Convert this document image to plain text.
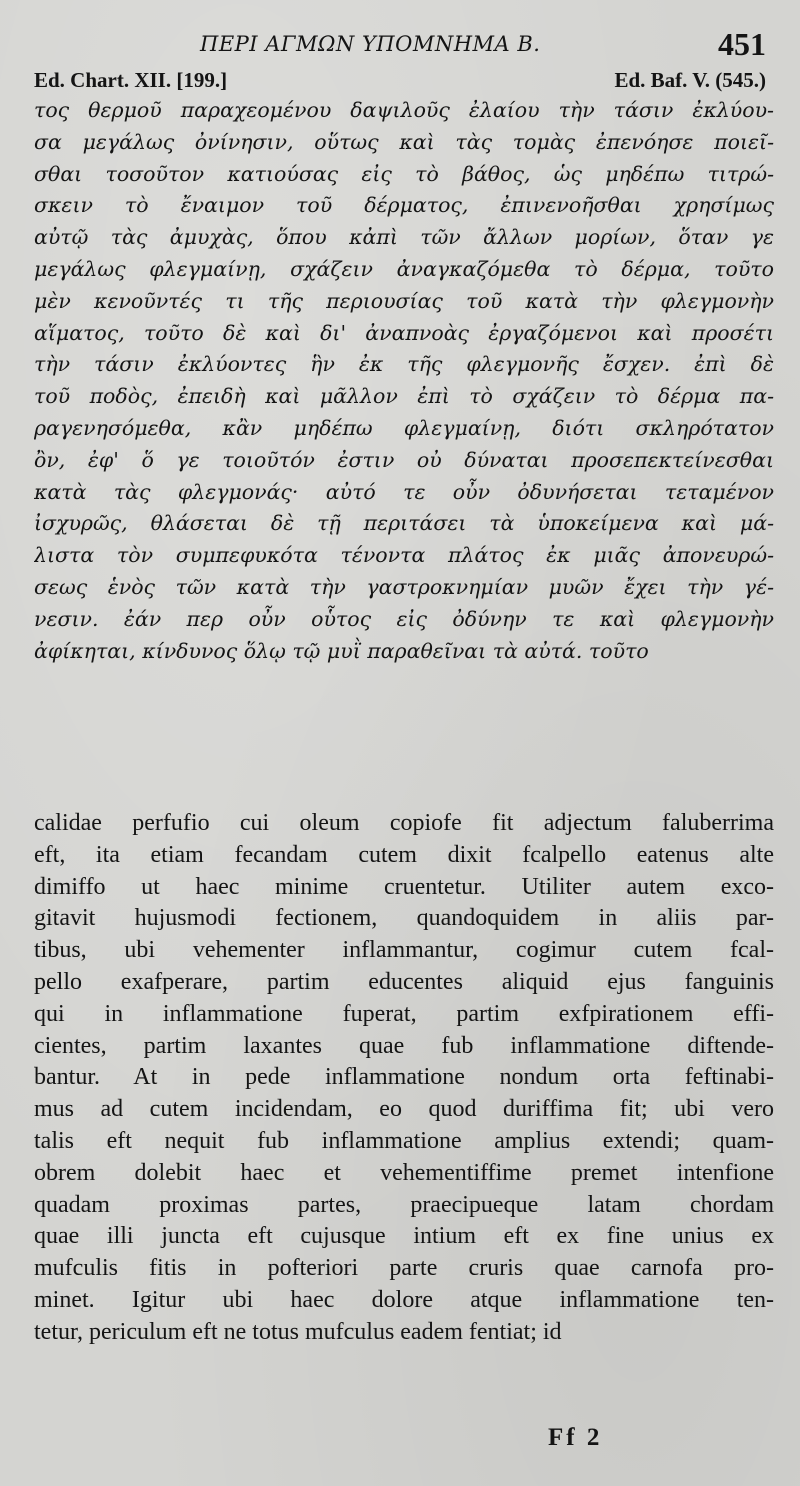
ΠΕΡΙ ΑΓΜΩΝ ΥΠΟΜΝΗΜΑ Β.	451
Ed. Chart. XII. [199.]	Ed. Baf. V. (545.)
τος θερμοῦ παραχεομένου δαψιλοῦς ἐλαίου τὴν τάσιν ἐκλύου-
σα μεγάλως ὀνίνησιν, οὕτως καὶ τὰς τομὰς ἐπενόησε ποιεῖ-
σθαι τοσοῦτον κατιούσας εἰς τὸ βάθος, ὡς μηδέπω τιτρώ-
σκειν τὸ ἔναιμον τοῦ δέρματος, ἐπινενοῆσθαι χρησίμως
αὐτῷ τὰς ἀμυχὰς, ὅπου κἀπὶ τῶν ἄλλων μορίων, ὅταν γε
μεγάλως φλεγμαίνῃ, σχάζειν ἀναγκαζόμεθα τὸ δέρμα, τοῦτο
μὲν κενοῦντές τι τῆς περιουσίας τοῦ κατὰ τὴν φλεγμονὴν
αἵματος, τοῦτο δὲ καὶ δι' ἀναπνοὰς ἐργαζόμενοι καὶ προσέτι
τὴν τάσιν ἐκλύοντες ἣν ἐκ τῆς φλεγμονῆς ἔσχεν. ἐπὶ δὲ
τοῦ ποδὸς, ἐπειδὴ καὶ μᾶλλον ἐπὶ τὸ σχάζειν τὸ δέρμα πα-
ραγενησόμεθα, κἂν μηδέπω φλεγμαίνῃ, διότι σκληρότατον
ὂν, ἐφ' ὅ γε τοιοῦτόν ἐστιν οὐ δύναται προσεπεκτείνεσθαι
κατὰ τὰς φλεγμονάς· αὐτό τε οὖν ὀδυνήσεται τεταμένον
ἰσχυρῶς, θλάσεται δὲ τῇ περιτάσει τὰ ὑποκείμενα καὶ μά-
λιστα τὸν συμπεφυκότα τένοντα πλάτος ἐκ μιᾶς ἀπονευρώ-
σεως ἑνὸς τῶν κατὰ τὴν γαστροκνημίαν μυῶν ἔχει τὴν γέ-
νεσιν. ἐάν περ οὖν οὗτος εἰς ὀδύνην τε καὶ φλεγμονὴν
ἀφίκηται, κίνδυνος ὅλῳ τῷ μυῒ παραθεῖναι τὰ αὐτά. τοῦτο
calidae perfufio cui oleum copiofe fit adjectum faluberrima
eft, ita etiam fecandam cutem dixit fcalpello eatenus alte
dimiffo ut haec minime cruentetur. Utiliter autem exco-
gitavit hujusmodi fectionem, quandoquidem in aliis par-
tibus, ubi vehementer inflammantur, cogimur cutem fcal-
pello exafperare, partim educentes aliquid ejus fanguinis
qui in inflammatione fuperat, partim exfpirationem effi-
cientes, partim laxantes quae fub inflammatione diftende-
bantur. At in pede inflammatione nondum orta feftinabi-
mus ad cutem incidendam, eo quod duriffima fit; ubi vero
talis eft nequit fub inflammatione amplius extendi; quam-
obrem dolebit haec et vehementiffime premet intenfione
quadam proximas partes, praecipueque latam chordam
quae illi juncta eft cujusque intium eft ex fine unius ex
mufculis fitis in pofteriori parte cruris quae carnofa pro-
minet. Igitur ubi haec dolore atque inflammatione ten-
tetur, periculum eft ne totus mufculus eadem fentiat; id
Ff 2
